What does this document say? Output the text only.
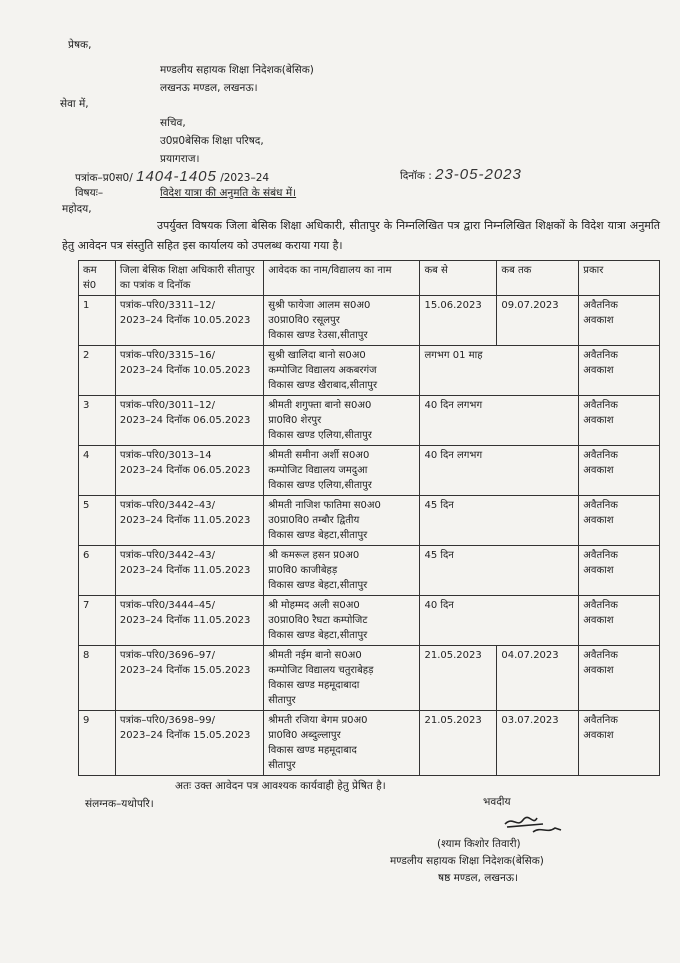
प्रेषक,
मण्डलीय सहायक शिक्षा निदेशक(बेसिक)
लखनऊ मण्डल, लखनऊ।
सेवा में,
सचिव,
उ0प्र0बेसिक शिक्षा परिषद,
प्रयागराज।
पत्रांक–प्र0स0/ 1404-1405 /2023–24	दिनॉक : 23-05-2023
विषयः–	विदेश यात्रा की अनुमति के संबंध में।
महोदय,

उपर्युक्त विषयक जिला बेसिक शिक्षा अधिकारी, सीतापुर के निम्नलिखित पत्र द्वारा निम्नलिखित शिक्षकों के विदेश यात्रा अनुमति हेतु आवेदन पत्र संस्तुति सहित इस कार्यालय को उपलब्ध कराया गया है।

कम सं0	जिला बेसिक शिक्षा अधिकारी सीतापुर का पत्रांक व दिनॉक	आवेदक का नाम/विद्यालय का नाम	कब से	कब तक	प्रकार
1	पत्रांक–परि0/3311–12/
2023–24 दिनॉक 10.05.2023	सुश्री फायेजा आलम स0अ0
उ0प्रा0वि0 रसूलपुर
विकास खण्ड रेउसा,सीतापुर	15.06.2023	09.07.2023	अवैतनिक
अवकाश
2	पत्रांक–परि0/3315–16/
2023–24 दिनॉक 10.05.2023	सुश्री खालिदा बानो स0अ0
कम्पोजिट विद्यालय अकबरगंज
विकास खण्ड खैराबाद,सीतापुर	लगभग 01 माह		अवैतनिक
अवकाश
3	पत्रांक–परि0/3011–12/
2023–24 दिनॉक 06.05.2023	श्रीमती शगुफ्ता बानो स0अ0
प्रा0वि0 शेरपुर
विकास खण्ड एलिया,सीतापुर	40 दिन लगभग		अवैतनिक
अवकाश
4	पत्रांक–परि0/3013–14
2023–24 दिनॉक 06.05.2023	श्रीमती समीना अर्शी स0अ0
कम्पोजिट विद्यालय जमदुआ
विकास खण्ड एलिया,सीतापुर	40 दिन लगभग		अवैतनिक
अवकाश
5	पत्रांक–परि0/3442–43/
2023–24 दिनॉक 11.05.2023	श्रीमती नाजिश फातिमा स0अ0
उ0प्रा0वि0 तम्बौर द्वितीय
विकास खण्ड बेहटा,सीतापुर	45 दिन		अवैतनिक
अवकाश
6	पत्रांक–परि0/3442–43/
2023–24 दिनॉक 11.05.2023	श्री कमरूल हसन प्र0अ0
प्रा0वि0 काजीबेहड़
विकास खण्ड बेहटा,सीतापुर	45 दिन		अवैतनिक
अवकाश
7	पत्रांक–परि0/3444–45/
2023–24 दिनॉक 11.05.2023	श्री मोहम्मद अली स0अ0
उ0प्रा0वि0 रैघटा कम्पोजिट
विकास खण्ड बेहटा,सीतापुर	40 दिन		अवैतनिक
अवकाश
8	पत्रांक–परि0/3696–97/
2023–24 दिनॉक 15.05.2023	श्रीमती नईम बानो स0अ0
कम्पोजिट विद्यालय चतुराबेहड़
विकास खण्ड महमूदाबादा
सीतापुर	21.05.2023	04.07.2023	अवैतनिक
अवकाश
9	पत्रांक–परि0/3698–99/
2023–24 दिनॉक 15.05.2023	श्रीमती रजिया बेगम प्र0अ0
प्रा0वि0 अब्दुल्लापुर
विकास खण्ड महमूदाबाद
सीतापुर	21.05.2023	03.07.2023	अवैतनिक
अवकाश
अतः उक्त आवेदन पत्र आवश्यक कार्यवाही हेतु प्रेषित है।
संलग्नक–यथोपरि।	भवदीय
(श्याम किशोर तिवारी)
मण्डलीय सहायक शिक्षा निदेशक(बेसिक)
षष्ठ मण्डल, लखनऊ।
